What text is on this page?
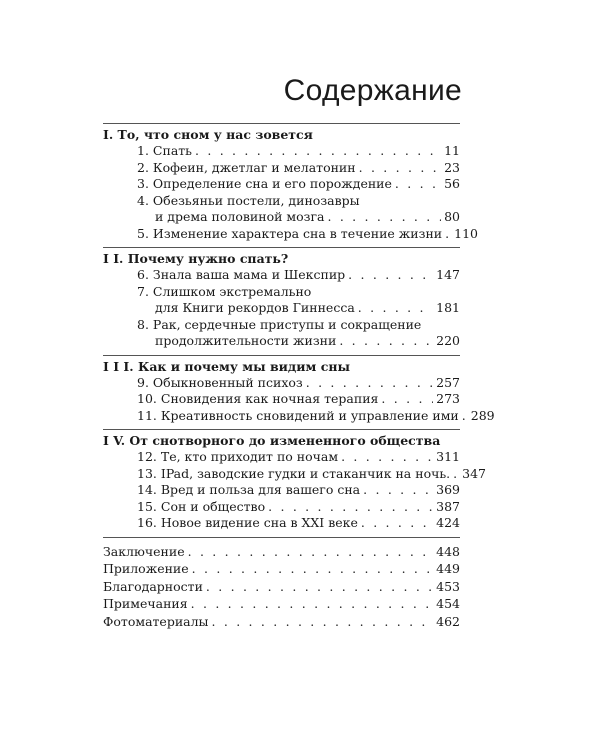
Содержание
I. То, что сном у нас зовется
1.
Спать . . .	11
2.
Кофеин, джетлаг и мелатонин . . .	23
3.
Определение сна и его порождение . . .	56
4.
Обезьяньи постели, динозавры
и дрема половиной мозга . . .	80
5.
Изменение характера сна в течение жизни . . . 110
I I. Почему нужно спать?
6.
Знала ваша мама и Шекспир . . .	147
7.
Слишком экстремально
для Книги рекордов Гиннесса . . .	181
8.
Рак, сердечные приступы и сокращение
продолжительности жизни . . .	220
I I I. Как и почему мы видим сны
9.
Обыкновенный психоз . . .	257
10.
Сновидения как ночная терапия . . .	273
11.
Креативность сновидений и управление ими . . . 289
I V. От снотворного до измененного общества
12.
Те, кто приходит по ночам . . .	311
13.
IPad, заводские гудки и стаканчик на ночь. . . . 347
14.
Вред и польза для вашего сна . . .	369
15.
Сон и общество . . .	387
16.
Новое видение сна в XXI веке . . .	424
Заключение . . .	448
Приложение . . .	449
Благодарности . . .	453
Примечания . . .	454
Фотоматериалы . . .	462
